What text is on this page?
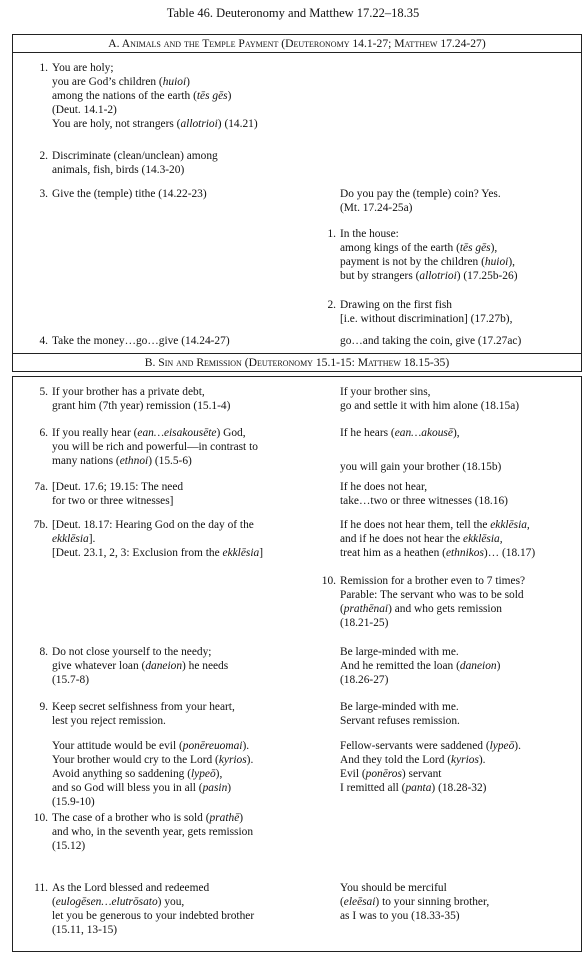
Table 46. Deuteronomy and Matthew 17.22–18.35
A. Animals and the Temple Payment (Deuteronomy 14.1-27; Matthew 17.24-27)
B. Sin and Remission (Deuteronomy 15.1-15: Matthew 18.15-35)
1. You are holy;
you are God’s children (huioi)
among the nations of the earth (tēs gēs)
(Deut. 14.1-2)
You are holy, not strangers (allotrioi) (14.21)
2. Discriminate (clean/unclean) among
animals, fish, birds (14.3-20)
3. Give the (temple) tithe (14.22-23)	Do you pay the (temple) coin? Yes.
(Mt. 17.24-25a)
1. In the house:
among kings of the earth (tēs gēs),
payment is not by the children (huioi),
but by strangers (allotrioi) (17.25b-26)
2. Drawing on the first fish
[i.e. without discrimination] (17.27b),
4. Take the money…go…give (14.24-27)	go…and taking the coin, give (17.27ac)
5. If your brother has a private debt,
grant him (7th year) remission (15.1-4)
If your brother sins,
go and settle it with him alone (18.15a)
6. If you really hear (ean…eisakousēte) God,
you will be rich and powerful—in contrast to
many nations (ethnoi) (15.5-6)
If he hears (ean…akousē),
you will gain your brother (18.15b)
7a. [Deut. 17.6; 19.15: The need
for two or three witnesses]
If he does not hear,
take…two or three witnesses (18.16)
7b. [Deut. 18.17: Hearing God on the day of the
ekklēsia].
[Deut. 23.1, 2, 3: Exclusion from the ekklēsia]
If he does not hear them, tell the ekklēsia,
and if he does not hear the ekklēsia,
treat him as a heathen (ethnikos)… (18.17)
10. Remission for a brother even to 7 times?
Parable: The servant who was to be sold
(prathēnai) and who gets remission
(18.21-25)
8. Do not close yourself to the needy;
give whatever loan (daneion) he needs
(15.7-8)
Be large-minded with me.
And he remitted the loan (daneion)
(18.26-27)
9. Keep secret selfishness from your heart,
lest you reject remission.
Be large-minded with me.
Servant refuses remission.
Your attitude would be evil (ponēreuomai).
Your brother would cry to the Lord (kyrios).
Avoid anything so saddening (lypeō),
and so God will bless you in all (pasin)
(15.9-10)
Fellow-servants were saddened (lypeō).
And they told the Lord (kyrios).
Evil (ponēros) servant
I remitted all (panta) (18.28-32)
10. The case of a brother who is sold (prathē)
and who, in the seventh year, gets remission
(15.12)
11. As the Lord blessed and redeemed
(eulogēsen…elutrōsato) you,
let you be generous to your indebted brother
(15.11, 13-15)
You should be merciful
(eleēsai) to your sinning brother,
as I was to you (18.33-35)
